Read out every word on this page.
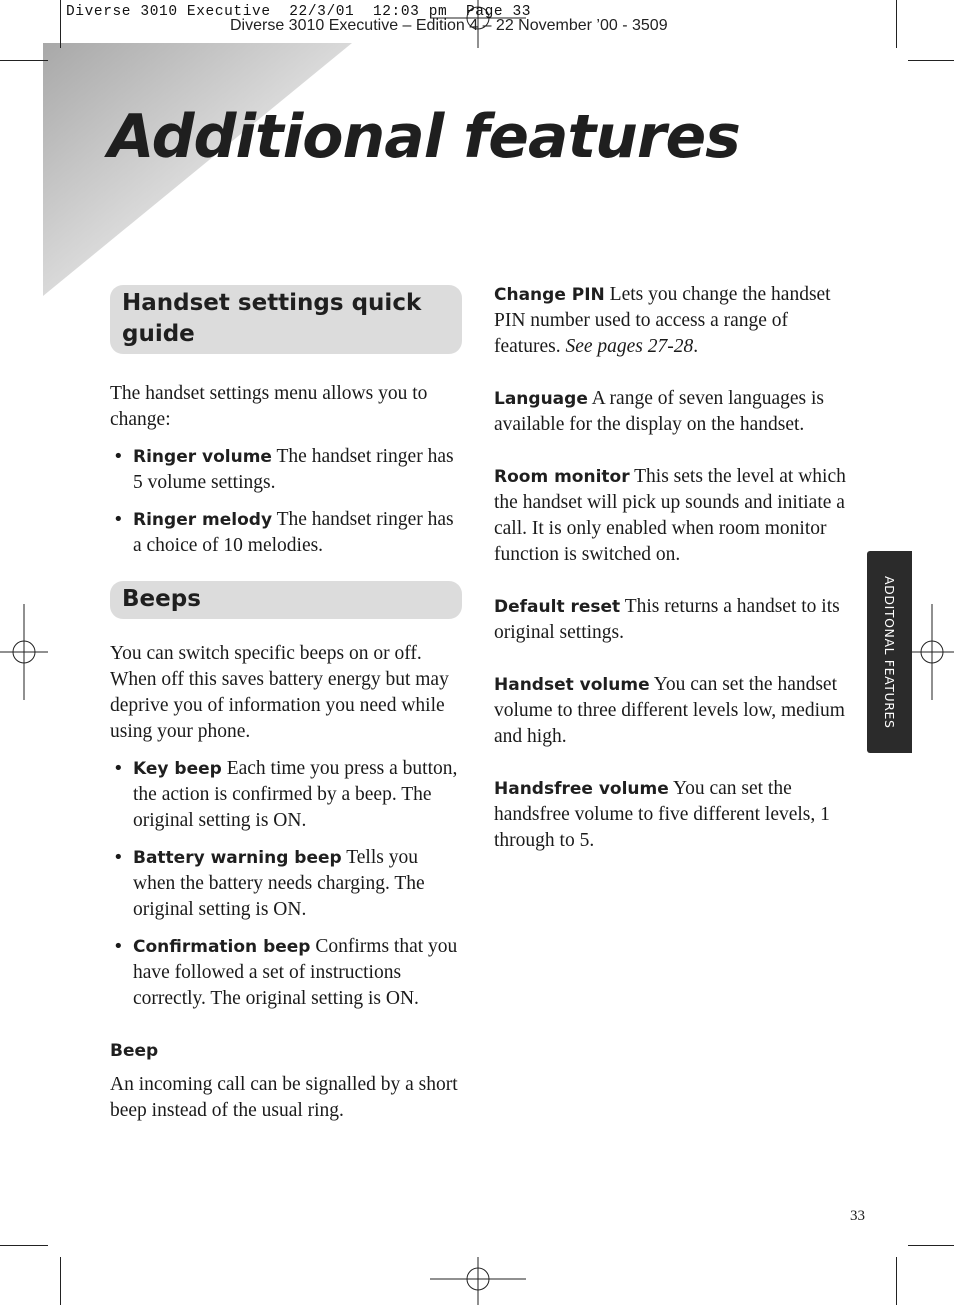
Diverse 3010 Executive  22/3/01  12:03 pm  Page 33
Diverse 3010 Executive – Edition 4 – 22 November ’00 - 3509
Additional features
Handset settings quick guide

The handset settings menu allows you to change:

• Ringer volume The handset ringer has 5 volume settings.
• Ringer melody The handset ringer has a choice of 10 melodies.
Beeps

You can switch specific beeps on or off. When off this saves battery energy but may deprive you of information you need while using your phone.

• Key beep Each time you press a button, the action is confirmed by a beep. The original setting is ON.
• Battery warning beep Tells you when the battery needs charging. The original setting is ON.
• Confirmation beep Confirms that you have followed a set of instructions correctly. The original setting is ON.
Beep

An incoming call can be signalled by a short beep instead of the usual ring.

Change PIN Lets you change the handset PIN number used to access a range of features. See pages 27-28.

Language A range of seven languages is available for the display on the handset.

Room monitor This sets the level at which the handset will pick up sounds and initiate a call. It is only enabled when room monitor function is switched on.

Default reset This returns a handset to its original settings.

Handset volume You can set the handset volume to three different levels low, medium and high.

Handsfree volume You can set the handsfree volume to five different levels, 1 through to 5.

ADDITONAL FEATURES
33
